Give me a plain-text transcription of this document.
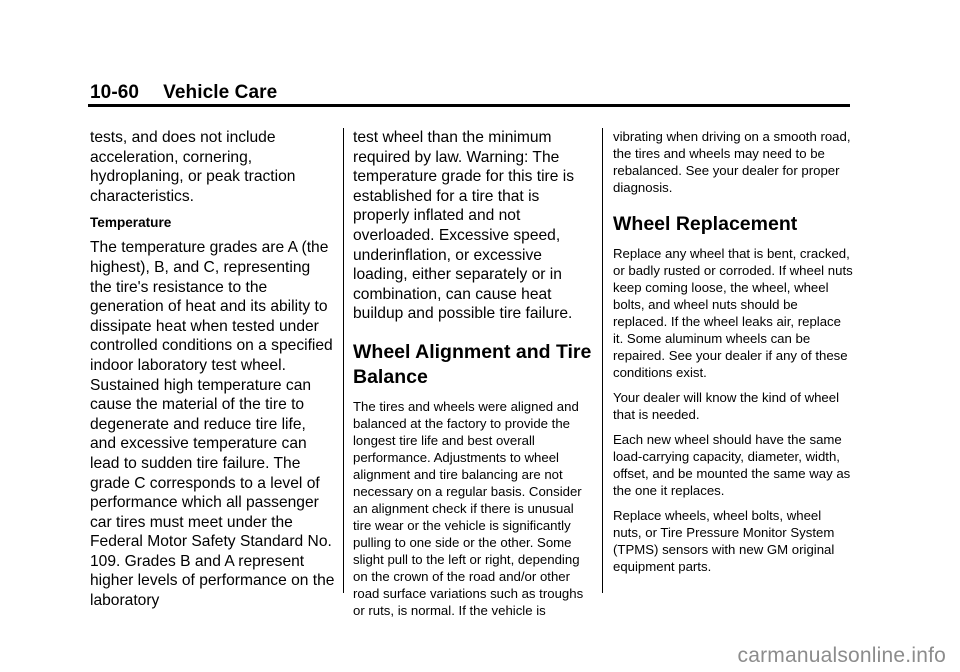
10-60 Vehicle Care

tests, and does not include acceleration, cornering, hydroplaning, or peak traction characteristics.

Temperature

The temperature grades are A (the highest), B, and C, representing the tire's resistance to the generation of heat and its ability to dissipate heat when tested under controlled conditions on a specified indoor laboratory test wheel. Sustained high temperature can cause the material of the tire to degenerate and reduce tire life, and excessive temperature can lead to sudden tire failure. The grade C corresponds to a level of performance which all passenger car tires must meet under the Federal Motor Safety Standard No. 109. Grades B and A represent higher levels of performance on the laboratory

test wheel than the minimum required by law. Warning: The temperature grade for this tire is established for a tire that is properly inflated and not overloaded. Excessive speed, underinflation, or excessive loading, either separately or in combination, can cause heat buildup and possible tire failure.

Wheel Alignment and Tire Balance

The tires and wheels were aligned and balanced at the factory to provide the longest tire life and best overall performance. Adjustments to wheel alignment and tire balancing are not necessary on a regular basis. Consider an alignment check if there is unusual tire wear or the vehicle is significantly pulling to one side or the other. Some slight pull to the left or right, depending on the crown of the road and/or other road surface variations such as troughs or ruts, is normal. If the vehicle is

vibrating when driving on a smooth road, the tires and wheels may need to be rebalanced. See your dealer for proper diagnosis.

Wheel Replacement

Replace any wheel that is bent, cracked, or badly rusted or corroded. If wheel nuts keep coming loose, the wheel, wheel bolts, and wheel nuts should be replaced. If the wheel leaks air, replace it. Some aluminum wheels can be repaired. See your dealer if any of these conditions exist.

Your dealer will know the kind of wheel that is needed.

Each new wheel should have the same load-carrying capacity, diameter, width, offset, and be mounted the same way as the one it replaces.

Replace wheels, wheel bolts, wheel nuts, or Tire Pressure Monitor System (TPMS) sensors with new GM original equipment parts.

carmanualsonline.info
